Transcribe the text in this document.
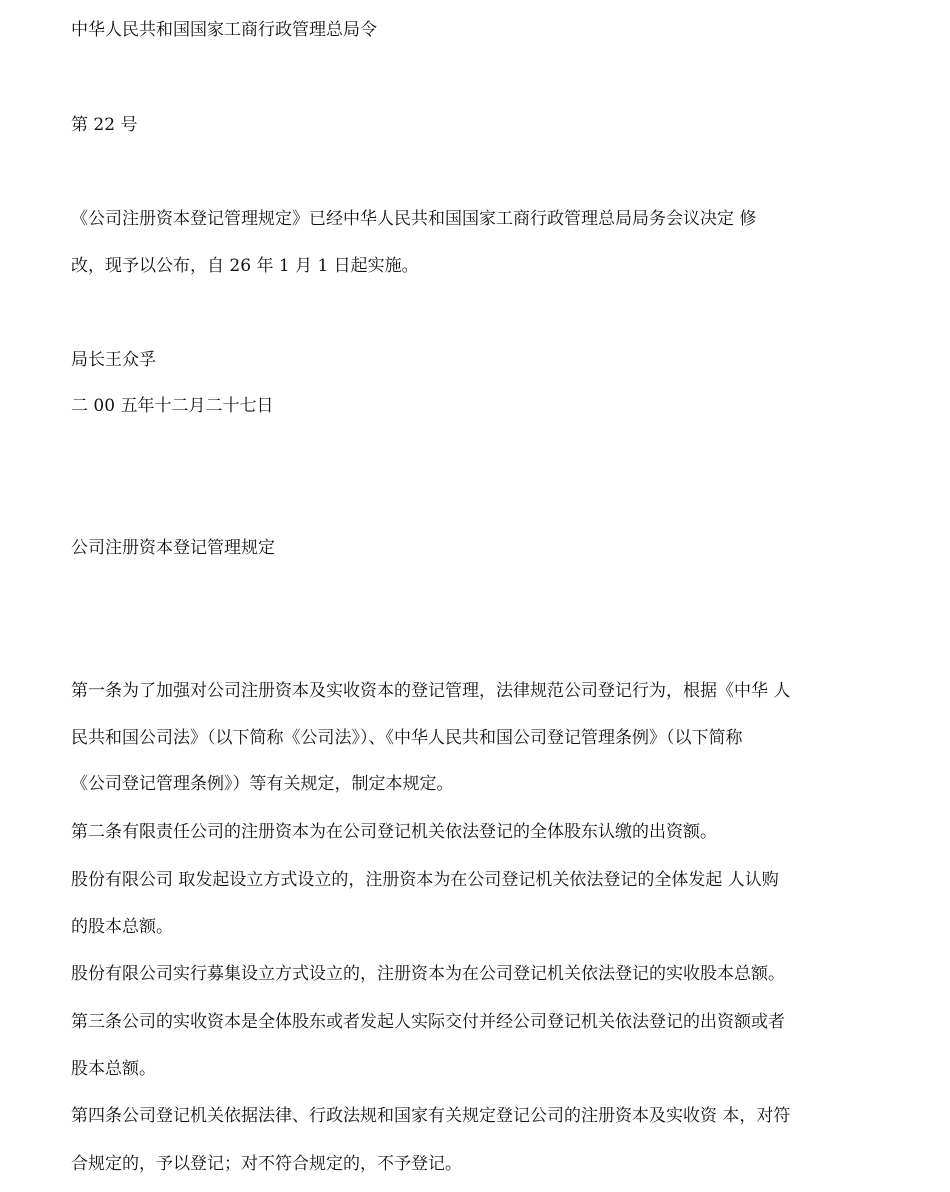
中华人民共和国国家工商行政管理总局令

第 22 号

《公司注册资本登记管理规定》已经中华人民共和国国家工商行政管理总局局务会议决定 修

改，现予以公布，自 26 年 1 月 1 日起实施。

局长王众孚

二 00 五年十二月二十七日

公司注册资本登记管理规定

第一条为了加强对公司注册资本及实收资本的登记管理，法律规范公司登记行为，根据《中华 人

民共和国公司法》（以下简称《公司法》）、《中华人民共和国公司登记管理条例》（以下简称

《公司登记管理条例》）等有关规定，制定本规定。

第二条有限责任公司的注册资本为在公司登记机关依法登记的全体股东认缴的出资额。

股份有限公司 取发起设立方式设立的，注册资本为在公司登记机关依法登记的全体发起 人认购

的股本总额。

股份有限公司实行募集设立方式设立的，注册资本为在公司登记机关依法登记的实收股本总额。

第三条公司的实收资本是全体股东或者发起人实际交付并经公司登记机关依法登记的出资额或者

股本总额。

第四条公司登记机关依据法律、行政法规和国家有关规定登记公司的注册资本及实收资 本，对符

合规定的，予以登记；对不符合规定的，不予登记。
